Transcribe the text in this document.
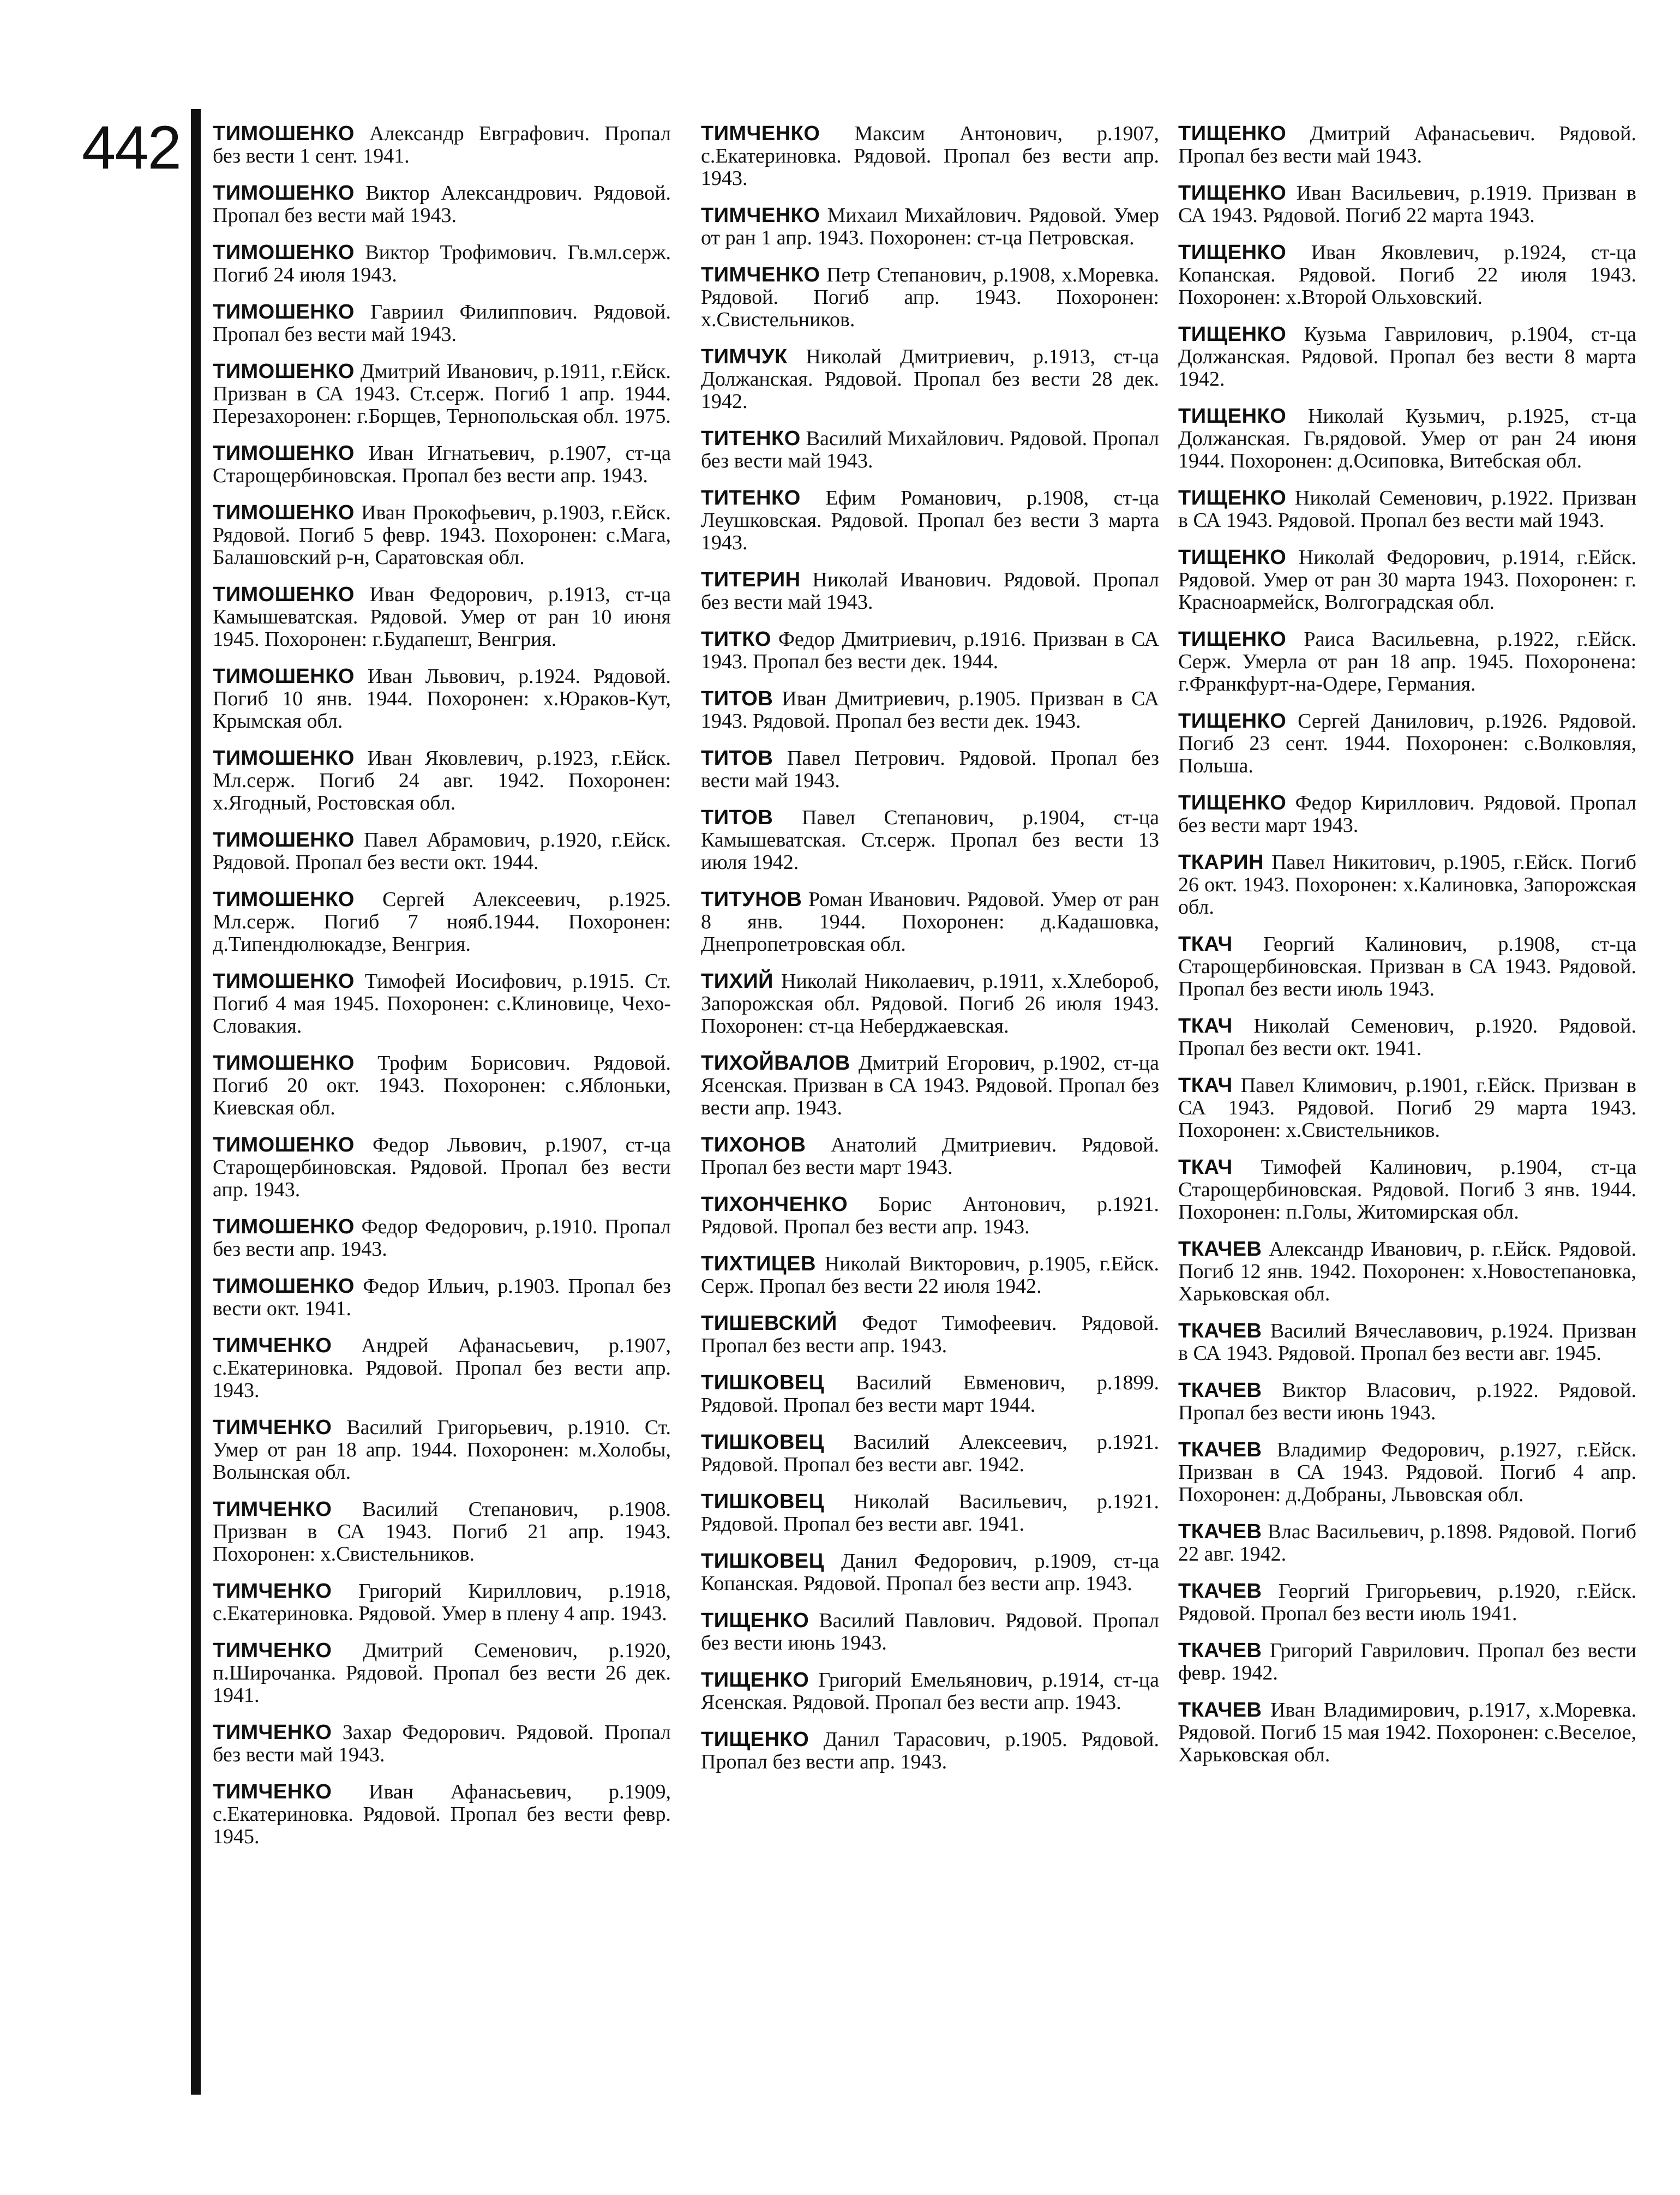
442 ТИМОШЕНКО Александр Евграфович. Пропал без вести 1 сент. 1941.

ТИМОШЕНКО Виктор Александрович. Рядовой. Пропал без вести май 1943.

ТИМОШЕНКО Виктор Трофимович. Гв.мл.серж. Погиб 24 июля 1943.

ТИМОШЕНКО Гавриил Филиппович. Рядовой. Пропал без вести май 1943.

ТИМОШЕНКО Дмитрий Иванович, р.1911, г.Ейск. Призван в СА 1943. Ст.серж. Погиб 1 апр. 1944. Перезахоронен: г.Борщев, Тернопольская обл. 1975.

ТИМОШЕНКО Иван Игнатьевич, р.1907, ст-ца Старощербиновская. Пропал без вести апр. 1943.

ТИМОШЕНКО Иван Прокофьевич, р.1903, г.Ейск. Рядовой. Погиб 5 февр. 1943. Похоронен: с.Мага, Балашовский р-н, Саратовская обл.

ТИМОШЕНКО Иван Федорович, р.1913, ст-ца Камышеватская. Рядовой. Умер от ран 10 июня 1945. Похоронен: г.Будапешт, Венгрия.

ТИМОШЕНКО Иван Львович, р.1924. Рядовой. Погиб 10 янв. 1944. Похоронен: х.Юраков-Кут, Крымская обл.

ТИМОШЕНКО Иван Яковлевич, р.1923, г.Ейск. Мл.серж. Погиб 24 авг. 1942. Похоронен: х.Ягодный, Ростовская обл.

ТИМОШЕНКО Павел Абрамович, р.1920, г.Ейск. Рядовой. Пропал без вести окт. 1944.

ТИМОШЕНКО Сергей Алексеевич, р.1925. Мл.серж. Погиб 7 нояб.1944. Похоронен: д.Типендюлюкадзе, Венгрия.

ТИМОШЕНКО Тимофей Иосифович, р.1915. Ст. Погиб 4 мая 1945. Похоронен: с.Клиновице, Чехо-Словакия.

ТИМОШЕНКО Трофим Борисович. Рядовой. Погиб 20 окт. 1943. Похоронен: с.Яблоньки, Киевская обл.

ТИМОШЕНКО Федор Львович, р.1907, ст-ца Старощербиновская. Рядовой. Пропал без вести апр. 1943.

ТИМОШЕНКО Федор Федорович, р.1910. Пропал без вести апр. 1943.

ТИМОШЕНКО Федор Ильич, р.1903. Пропал без вести окт. 1941.

ТИМЧЕНКО Андрей Афанасьевич, р.1907, с.Екатериновка. Рядовой. Пропал без вести апр. 1943.

ТИМЧЕНКО Василий Григорьевич, р.1910. Ст. Умер от ран 18 апр. 1944. Похоронен: м.Холобы, Волынская обл.

ТИМЧЕНКО Василий Степанович, р.1908. Призван в СА 1943. Погиб 21 апр. 1943. Похоронен: х.Свистельников.

ТИМЧЕНКО Григорий Кириллович, р.1918, с.Екатериновка. Рядовой. Умер в плену 4 апр. 1943.

ТИМЧЕНКО Дмитрий Семенович, р.1920, п.Широчанка. Рядовой. Пропал без вести 26 дек. 1941.

ТИМЧЕНКО Захар Федорович. Рядовой. Пропал без вести май 1943.

ТИМЧЕНКО Иван Афанасьевич, р.1909, с.Екатериновка. Рядовой. Пропал без вести февр. 1945.

ТИМЧЕНКО Максим Антонович, р.1907, с.Екатериновка. Рядовой. Пропал без вести апр. 1943.

ТИМЧЕНКО Михаил Михайлович. Рядовой. Умер от ран 1 апр. 1943. Похоронен: ст-ца Петровская.

ТИМЧЕНКО Петр Степанович, р.1908, х.Моревка. Рядовой. Погиб апр. 1943. Похоронен: х.Свистельников.

ТИМЧУК Николай Дмитриевич, р.1913, ст-ца Должанская. Рядовой. Пропал без вести 28 дек. 1942.

ТИТЕНКО Василий Михайлович. Рядовой. Пропал без вести май 1943.

ТИТЕНКО Ефим Романович, р.1908, ст-ца Леушковская. Рядовой. Пропал без вести 3 марта 1943.

ТИТЕРИН Николай Иванович. Рядовой. Пропал без вести май 1943.

ТИТКО Федор Дмитриевич, р.1916. Призван в СА 1943. Пропал без вести дек. 1944.

ТИТОВ Иван Дмитриевич, р.1905. Призван в СА 1943. Рядовой. Пропал без вести дек. 1943.

ТИТОВ Павел Петрович. Рядовой. Пропал без вести май 1943.

ТИТОВ Павел Степанович, р.1904, ст-ца Камышеватская. Ст.серж. Пропал без вести 13 июля 1942.

ТИТУНОВ Роман Иванович. Рядовой. Умер от ран 8 янв. 1944. Похоронен: д.Кадашовка, Днепропетровская обл.

ТИХИЙ Николай Николаевич, р.1911, х.Хлебороб, Запорожская обл. Рядовой. Погиб 26 июля 1943. Похоронен: ст-ца Неберджаевская.

ТИХОЙВАЛОВ Дмитрий Егорович, р.1902, ст-ца Ясенская. Призван в СА 1943. Рядовой. Пропал без вести апр. 1943.

ТИХОНОВ Анатолий Дмитриевич. Рядовой. Пропал без вести март 1943.

ТИХОНЧЕНКО Борис Антонович, р.1921. Рядовой. Пропал без вести апр. 1943.

ТИХТИЦЕВ Николай Викторович, р.1905, г.Ейск. Серж. Пропал без вести 22 июля 1942.

ТИШЕВСКИЙ Федот Тимофеевич. Рядовой. Пропал без вести апр. 1943.

ТИШКОВЕЦ Василий Евменович, р.1899. Рядовой. Пропал без вести март 1944.

ТИШКОВЕЦ Василий Алексеевич, р.1921. Рядовой. Пропал без вести авг. 1942.

ТИШКОВЕЦ Николай Васильевич, р.1921. Рядовой. Пропал без вести авг. 1941.

ТИШКОВЕЦ Данил Федорович, р.1909, ст-ца Копанская. Рядовой. Пропал без вести апр. 1943.

ТИЩЕНКО Василий Павлович. Рядовой. Пропал без вести июнь 1943.

ТИЩЕНКО Григорий Емельянович, р.1914, ст-ца Ясенская. Рядовой. Пропал без вести апр. 1943.

ТИЩЕНКО Данил Тарасович, р.1905. Рядовой. Пропал без вести апр. 1943.

ТИЩЕНКО Дмитрий Афанасьевич. Рядовой. Пропал без вести май 1943.

ТИЩЕНКО Иван Васильевич, р.1919. Призван в СА 1943. Рядовой. Погиб 22 марта 1943.

ТИЩЕНКО Иван Яковлевич, р.1924, ст-ца Копанская. Рядовой. Погиб 22 июля 1943. Похоронен: х.Второй Ольховский.

ТИЩЕНКО Кузьма Гаврилович, р.1904, ст-ца Должанская. Рядовой. Пропал без вести 8 марта 1942.

ТИЩЕНКО Николай Кузьмич, р.1925, ст-ца Должанская. Гв.рядовой. Умер от ран 24 июня 1944. Похоронен: д.Осиповка, Витебская обл.

ТИЩЕНКО Николай Семенович, р.1922. Призван в СА 1943. Рядовой. Пропал без вести май 1943.

ТИЩЕНКО Николай Федорович, р.1914, г.Ейск. Рядовой. Умер от ран 30 марта 1943. Похоронен: г. Красноармейск, Волгоградская обл.

ТИЩЕНКО Раиса Васильевна, р.1922, г.Ейск. Серж. Умерла от ран 18 апр. 1945. Похоронена: г.Франкфурт-на-Одере, Германия.

ТИЩЕНКО Сергей Данилович, р.1926. Рядовой. Погиб 23 сент. 1944. Похоронен: с.Волковляя, Польша.

ТИЩЕНКО Федор Кириллович. Рядовой. Пропал без вести март 1943.

ТКАРИН Павел Никитович, р.1905, г.Ейск. Погиб 26 окт. 1943. Похоронен: х.Калиновка, Запорожская обл.

ТКАЧ Георгий Калинович, р.1908, ст-ца Старощербиновская. Призван в СА 1943. Рядовой. Пропал без вести июль 1943.

ТКАЧ Николай Семенович, р.1920. Рядовой. Пропал без вести окт. 1941.

ТКАЧ Павел Климович, р.1901, г.Ейск. Призван в СА 1943. Рядовой. Погиб 29 марта 1943. Похоронен: х.Свистельников.

ТКАЧ Тимофей Калинович, р.1904, ст-ца Старощербиновская. Рядовой. Погиб 3 янв. 1944. Похоронен: п.Голы, Житомирская обл.

ТКАЧЕВ Александр Иванович, р. г.Ейск. Рядовой. Погиб 12 янв. 1942. Похоронен: х.Новостепановка, Харьковская обл.

ТКАЧЕВ Василий Вячеславович, р.1924. Призван в СА 1943. Рядовой. Пропал без вести авг. 1945.

ТКАЧЕВ Виктор Власович, р.1922. Рядовой. Пропал без вести июнь 1943.

ТКАЧЕВ Владимир Федорович, р.1927, г.Ейск. Призван в СА 1943. Рядовой. Погиб 4 апр. Похоронен: д.Добраны, Львовская обл.

ТКАЧЕВ Влас Васильевич, р.1898. Рядовой. Погиб 22 авг. 1942.

ТКАЧЕВ Георгий Григорьевич, р.1920, г.Ейск. Рядовой. Пропал без вести июль 1941.

ТКАЧЕВ Григорий Гаврилович. Пропал без вести февр. 1942.

ТКАЧЕВ Иван Владимирович, р.1917, х.Моревка. Рядовой. Погиб 15 мая 1942. Похоронен: с.Веселое, Харьковская обл.
